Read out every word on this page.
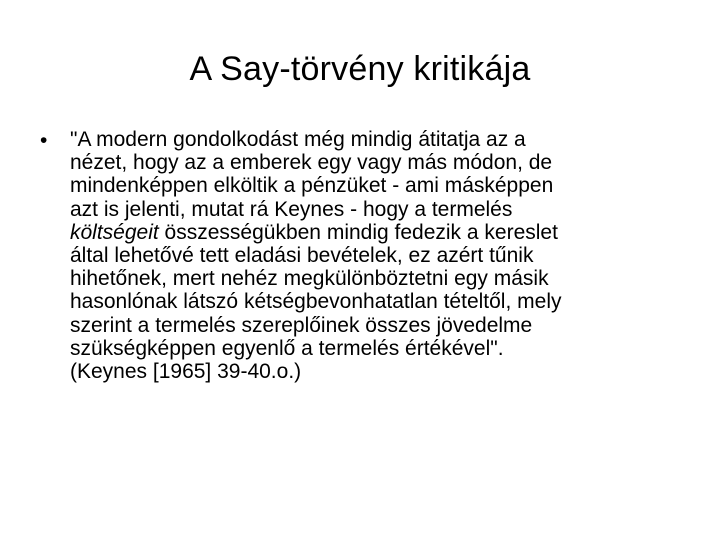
A Say-törvény kritikája
• "A modern gondolkodást még mindig átitatja az a
nézet, hogy az a emberek egy vagy más módon, de
mindenképpen elköltik a pénzüket - ami másképpen
azt is jelenti, mutat rá Keynes - hogy a termelés
költségeit összességükben mindig fedezik a kereslet
által lehetővé tett eladási bevételek, ez azért tűnik
hihetőnek, mert nehéz megkülönböztetni egy másik
hasonlónak látszó kétségbevonhatatlan tételtől, mely
szerint a termelés szereplőinek összes jövedelme
szükségképpen egyenlő a termelés értékével".
(Keynes [1965] 39-40.o.)
